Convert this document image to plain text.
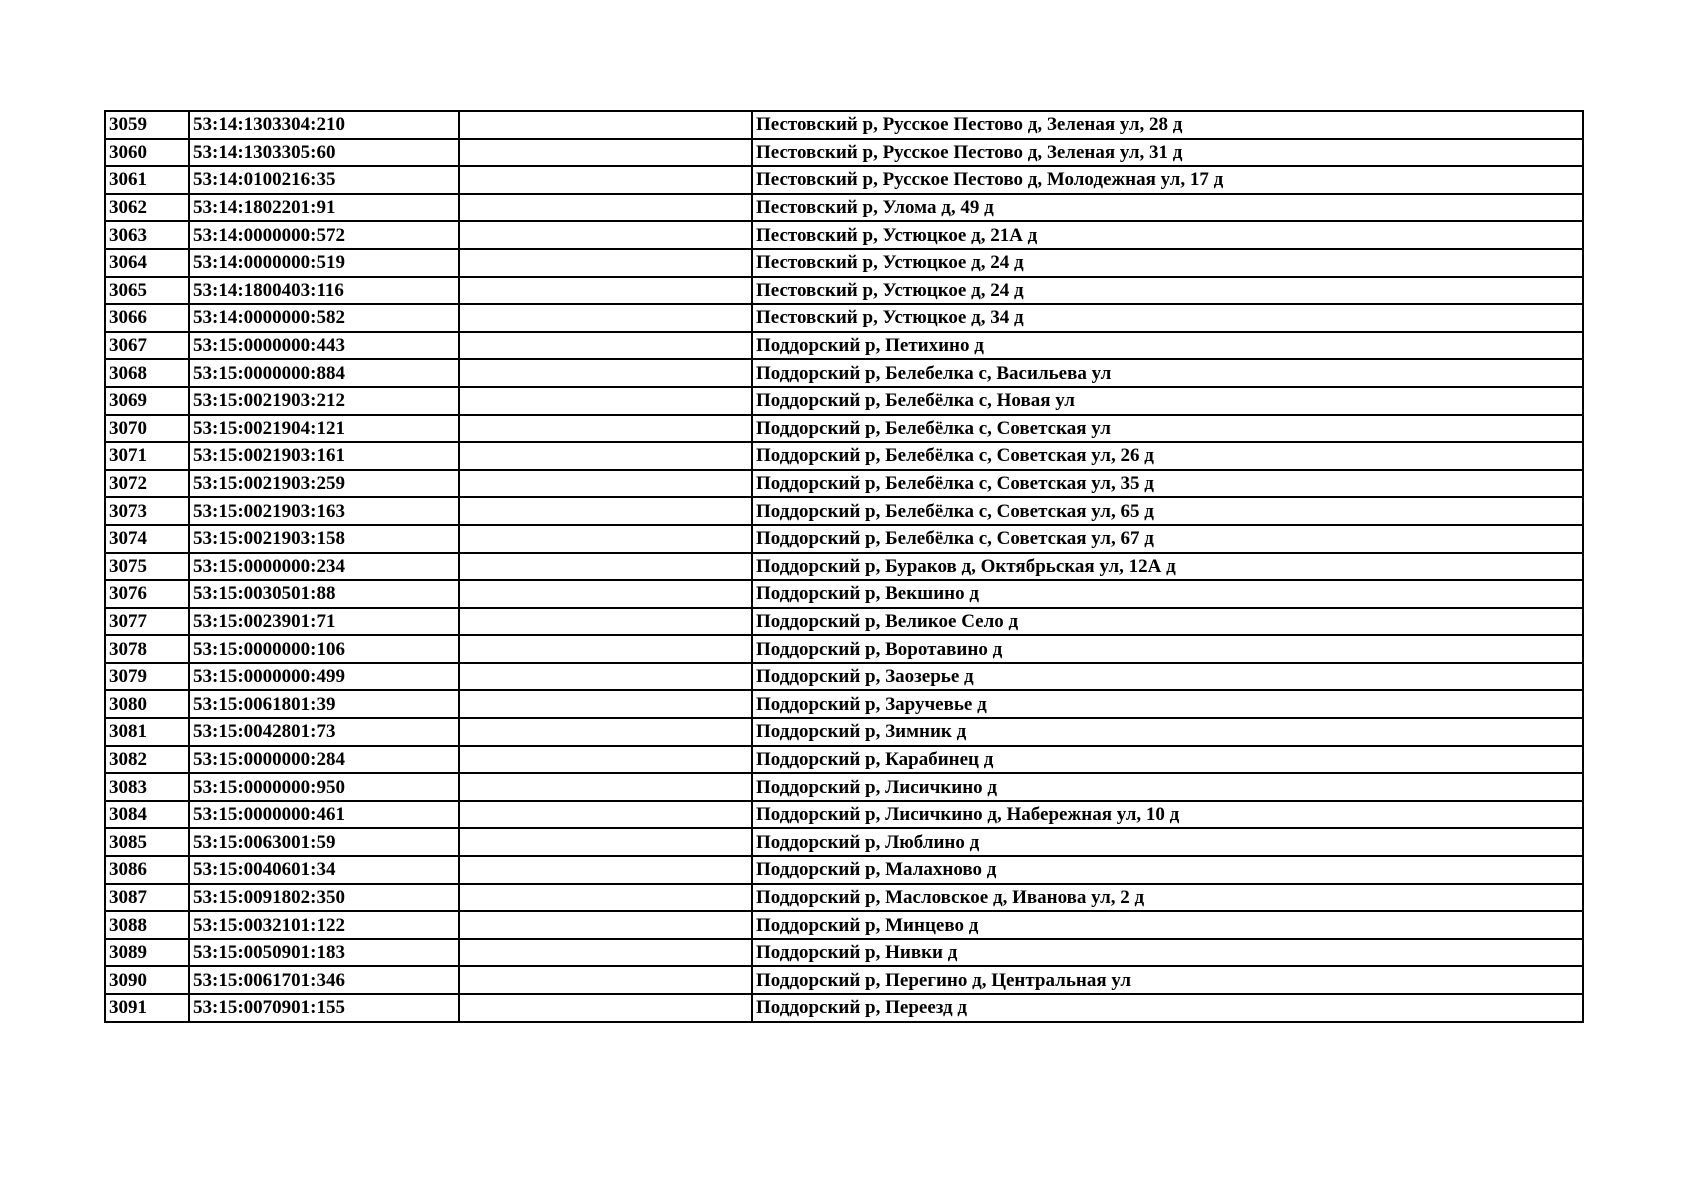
3059	53:14:1303304:210		Пестовский р, Русское Пестово д, Зеленая ул, 28 д
3060	53:14:1303305:60		Пестовский р, Русское Пестово д, Зеленая ул, 31 д
3061	53:14:0100216:35		Пестовский р, Русское Пестово д, Молодежная ул, 17 д
3062	53:14:1802201:91		Пестовский р, Улома д, 49 д
3063	53:14:0000000:572		Пестовский р, Устюцкое д, 21А д
3064	53:14:0000000:519		Пестовский р, Устюцкое д, 24 д
3065	53:14:1800403:116		Пестовский р, Устюцкое д, 24 д
3066	53:14:0000000:582		Пестовский р, Устюцкое д, 34 д
3067	53:15:0000000:443		Поддорский р, Петихино д
3068	53:15:0000000:884		Поддорский р, Белебелка с, Васильева ул
3069	53:15:0021903:212		Поддорский р, Белебёлка с, Новая ул
3070	53:15:0021904:121		Поддорский р, Белебёлка с, Советская ул
3071	53:15:0021903:161		Поддорский р, Белебёлка с, Советская ул, 26 д
3072	53:15:0021903:259		Поддорский р, Белебёлка с, Советская ул, 35 д
3073	53:15:0021903:163		Поддорский р, Белебёлка с, Советская ул, 65 д
3074	53:15:0021903:158		Поддорский р, Белебёлка с, Советская ул, 67 д
3075	53:15:0000000:234		Поддорский р, Бураков д, Октябрьская ул, 12А д
3076	53:15:0030501:88		Поддорский р, Векшино д
3077	53:15:0023901:71		Поддорский р, Великое Село д
3078	53:15:0000000:106		Поддорский р, Воротавино д
3079	53:15:0000000:499		Поддорский р, Заозерье д
3080	53:15:0061801:39		Поддорский р, Заручевье д
3081	53:15:0042801:73		Поддорский р, Зимник д
3082	53:15:0000000:284		Поддорский р, Карабинец д
3083	53:15:0000000:950		Поддорский р, Лисичкино д
3084	53:15:0000000:461		Поддорский р, Лисичкино д, Набережная ул, 10 д
3085	53:15:0063001:59		Поддорский р, Люблино д
3086	53:15:0040601:34		Поддорский р, Малахново д
3087	53:15:0091802:350		Поддорский р, Масловское д, Иванова ул, 2 д
3088	53:15:0032101:122		Поддорский р, Минцево д
3089	53:15:0050901:183		Поддорский р, Нивки д
3090	53:15:0061701:346		Поддорский р, Перегино д, Центральная ул
3091	53:15:0070901:155		Поддорский р, Переезд д
